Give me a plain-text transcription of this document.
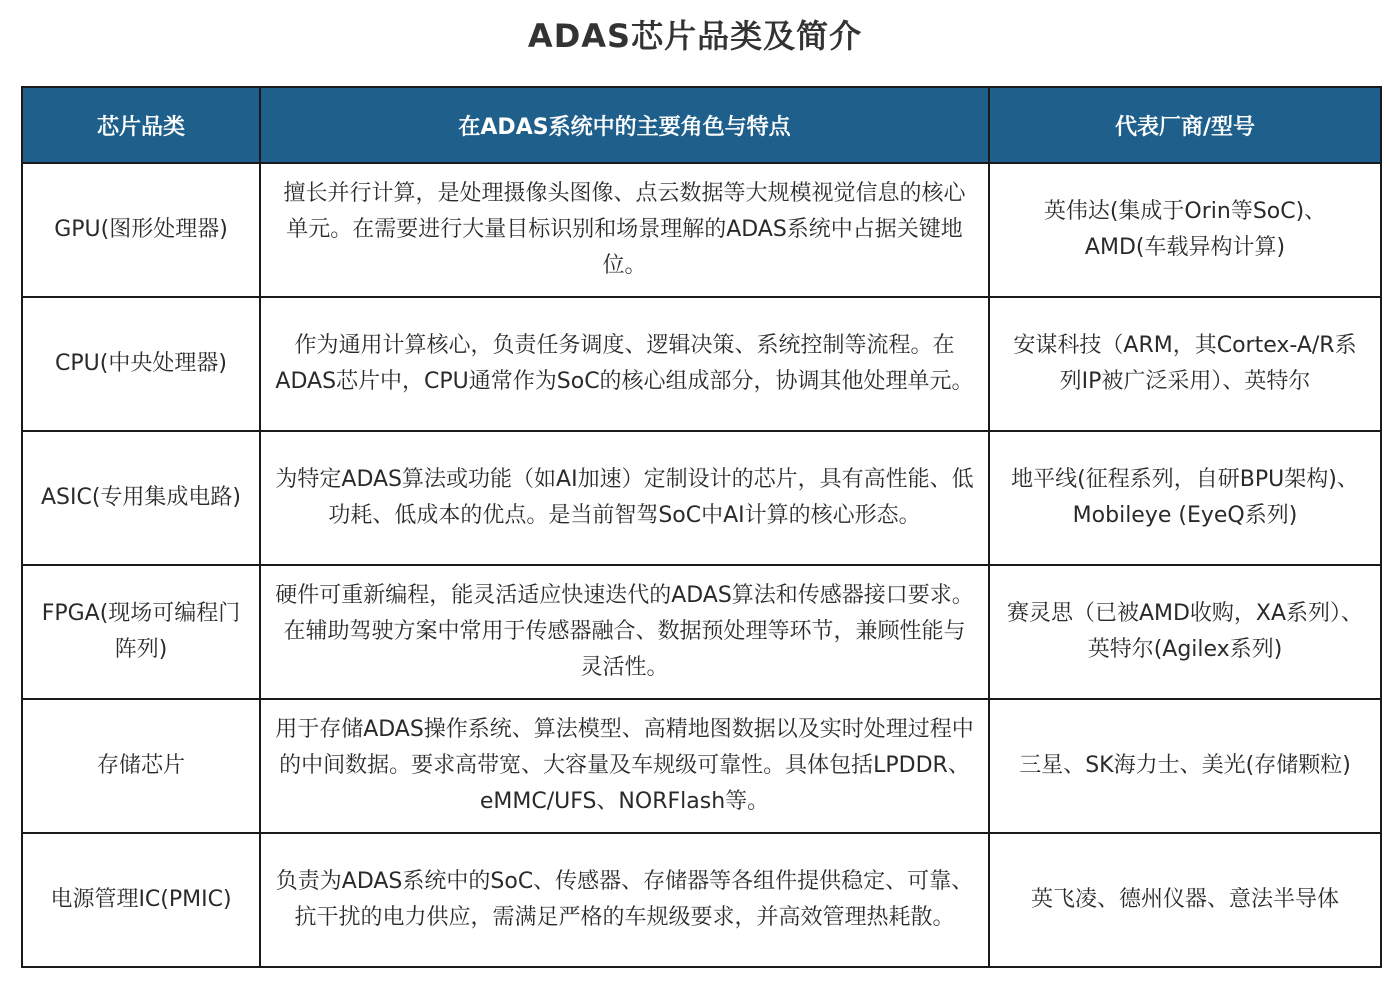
ADAS芯片品类及简介
芯片品类	在ADAS系统中的主要角色与特点	代表厂商/型号
GPU(图形处理器)	擅长并行计算，是处理摄像头图像、点云数据等大规模视觉信息的核心单元。在需要进行大量目标识别和场景理解的ADAS系统中占据关键地位。	英伟达(集成于Orin等SoC)、AMD(车载异构计算)
CPU(中央处理器)	作为通用计算核心，负责任务调度、逻辑决策、系统控制等流程。在ADAS芯片中，CPU通常作为SoC的核心组成部分，协调其他处理单元。	安谋科技（ARM，其Cortex-A/R系列IP被广泛采用）、英特尔
ASIC(专用集成电路)	为特定ADAS算法或功能（如AI加速）定制设计的芯片，具有高性能、低功耗、低成本的优点。是当前智驾SoC中AI计算的核心形态。	地平线(征程系列，自研BPU架构)、Mobileye (EyeQ系列)
FPGA(现场可编程门阵列)	硬件可重新编程，能灵活适应快速迭代的ADAS算法和传感器接口要求。在辅助驾驶方案中常用于传感器融合、数据预处理等环节，兼顾性能与灵活性。	赛灵思（已被AMD收购，XA系列）、英特尔(Agilex系列)
存储芯片	用于存储ADAS操作系统、算法模型、高精地图数据以及实时处理过程中的中间数据。要求高带宽、大容量及车规级可靠性。具体包括LPDDR、eMMC/UFS、NORFlash等。	三星、SK海力士、美光(存储颗粒)
电源管理IC(PMIC)	负责为ADAS系统中的SoC、传感器、存储器等各组件提供稳定、可靠、抗干扰的电力供应，需满足严格的车规级要求，并高效管理热耗散。	英飞凌、德州仪器、意法半导体
